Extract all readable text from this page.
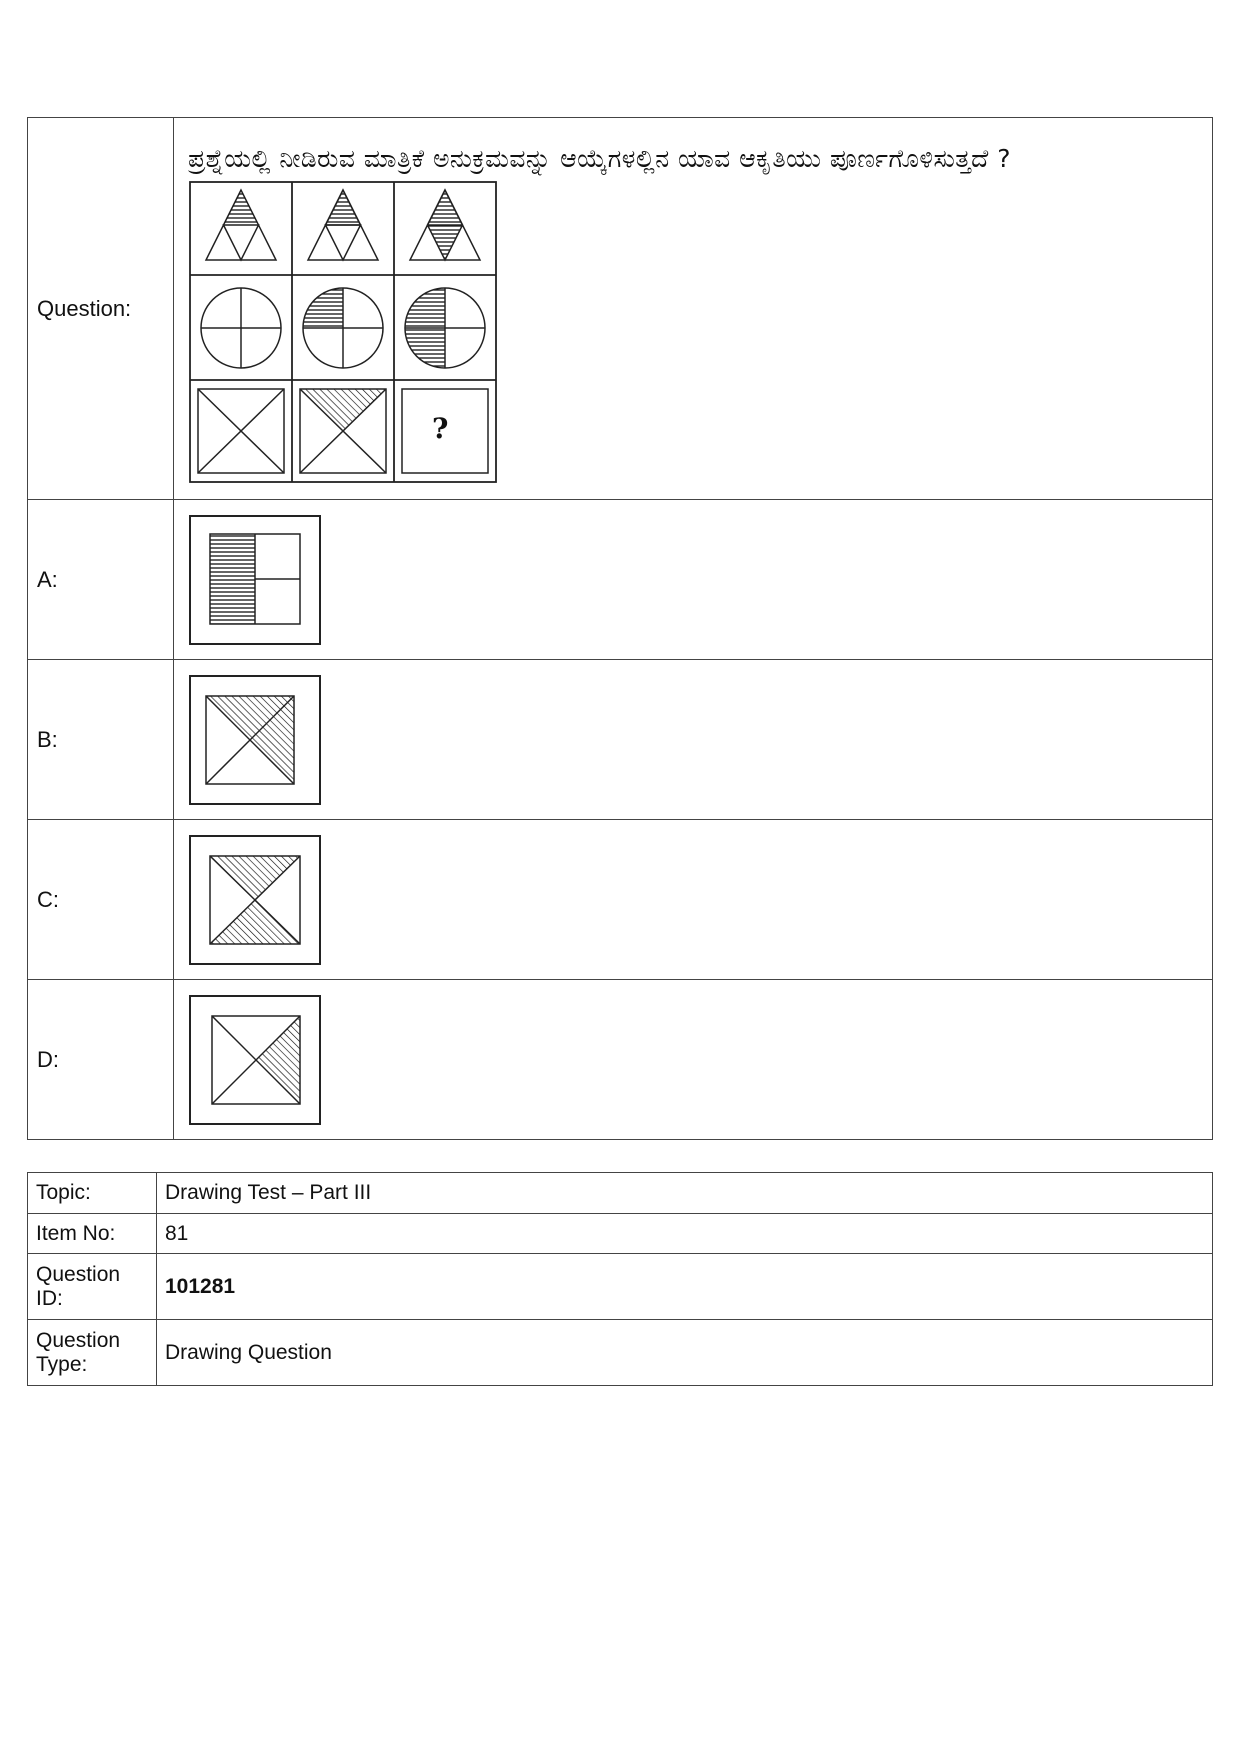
Question:	ಪ್ರಶ್ನೆಯಲ್ಲಿ ನೀಡಿರುವ ಮಾತ್ರಿಕೆ ಅನುಕ್ರಮವನ್ನು ಆಯ್ಕೆಗಳಲ್ಲಿನ ಯಾವ ಆಕೃತಿಯು ಪೂರ್ಣಗೊಳಿಸುತ್ತದೆ ?

A:	

B:	

C:	

D:	
?
Topic:	Drawing Test – Part III
Item No:	81

Question
ID:	101281

Question
Type:	Drawing Question
